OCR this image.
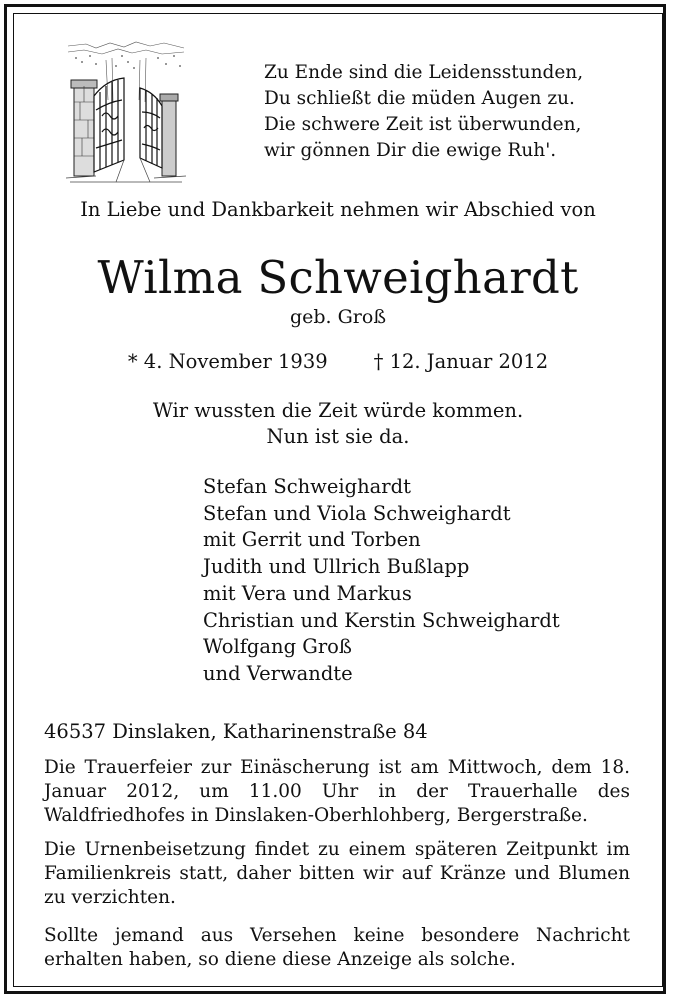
Zu Ende sind die Leidensstunden,
Du schließt die müden Augen zu.
Die schwere Zeit ist überwunden,
wir gönnen Dir die ewige Ruh'.
In Liebe und Dankbarkeit nehmen wir Abschied von
Wilma Schweighardt
geb. Groß
* 4. November 1939 † 12. Januar 2012
Wir wussten die Zeit würde kommen.
Nun ist sie da.
Stefan Schweighardt
Stefan und Viola Schweighardt
mit Gerrit und Torben
Judith und Ullrich Bußlapp
mit Vera und Markus
Christian und Kerstin Schweighardt
Wolfgang Groß
und Verwandte
46537 Dinslaken, Katharinenstraße 84
Die Trauerfeier zur Einäscherung ist am Mittwoch, dem 18. Januar 2012, um 11.00 Uhr in der Trauerhalle des Waldfriedhofes in Dinslaken-Oberhlohberg, Bergerstraße.
Die Urnenbeisetzung findet zu einem späteren Zeitpunkt im Familienkreis statt, daher bitten wir auf Kränze und Blumen zu verzichten.
Sollte jemand aus Versehen keine besondere Nachricht erhalten haben, so diene diese Anzeige als solche.
